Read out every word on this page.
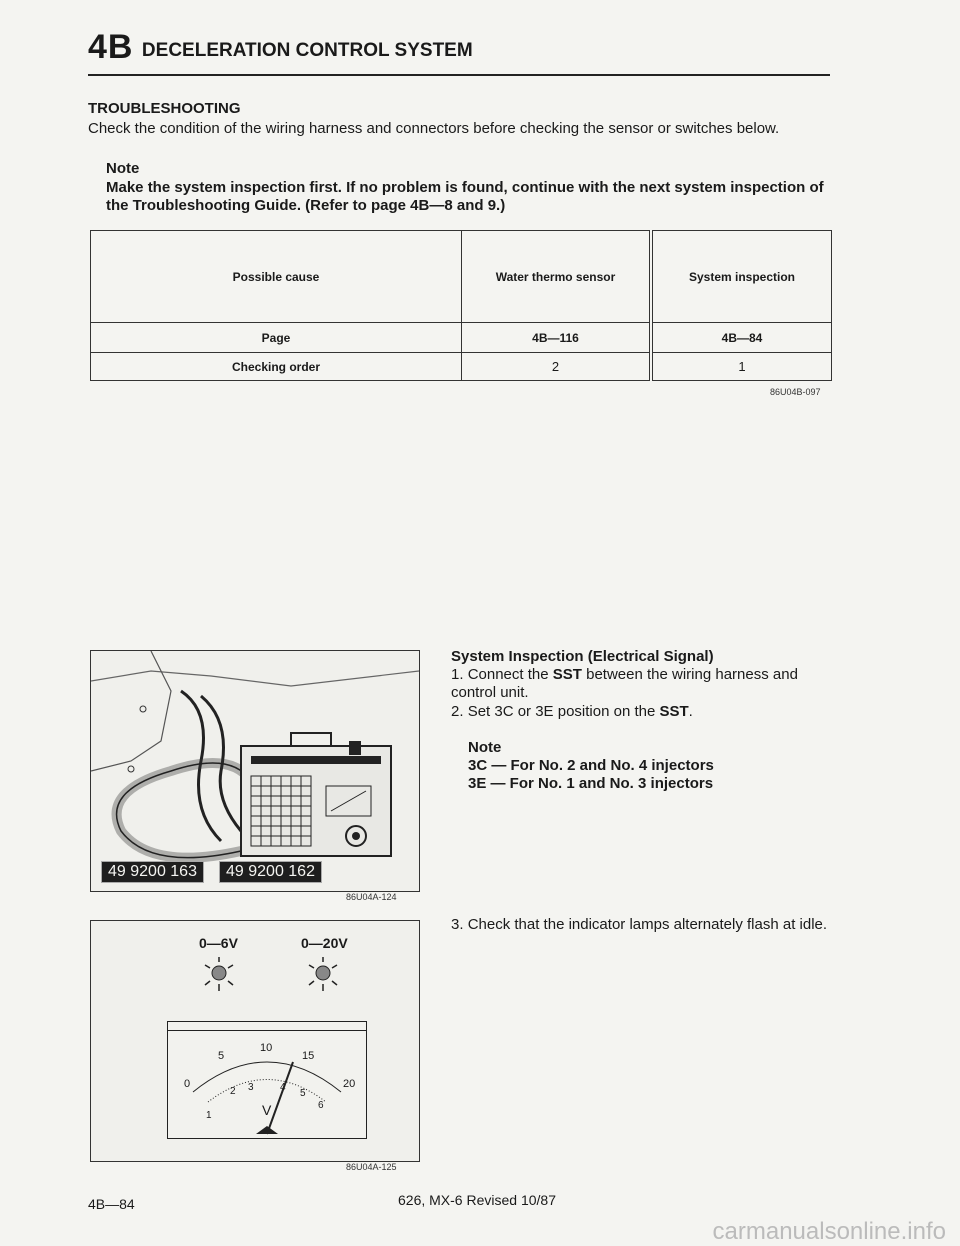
4B DECELERATION CONTROL SYSTEM
TROUBLESHOOTING
Check the condition of the wiring harness and connectors before checking the sensor or switches below.
Note
Make the system inspection first. If no problem is found, continue with the next system inspection of the Troubleshooting Guide. (Refer to page 4B—8 and 9.)
Possible cause	Water thermo sensor	System inspection
Page	4B—116	4B—84
Checking order	2	1
86U04B-097
49 9200 163	49 9200 162
86U04A-124
0—6V	0—20V
0
5
10
15
20
1
2 3	4
5
6
V
86U04A-125
System Inspection (Electrical Signal)
1. Connect the SST between the wiring harness and control unit.
2. Set 3C or 3E position on the SST.
Note
3C — For No. 2 and No. 4 injectors
3E — For No. 1 and No. 3 injectors
3. Check that the indicator lamps alternately flash at idle.
4B—84	626, MX-6 Revised 10/87
carmanualsonline.info
